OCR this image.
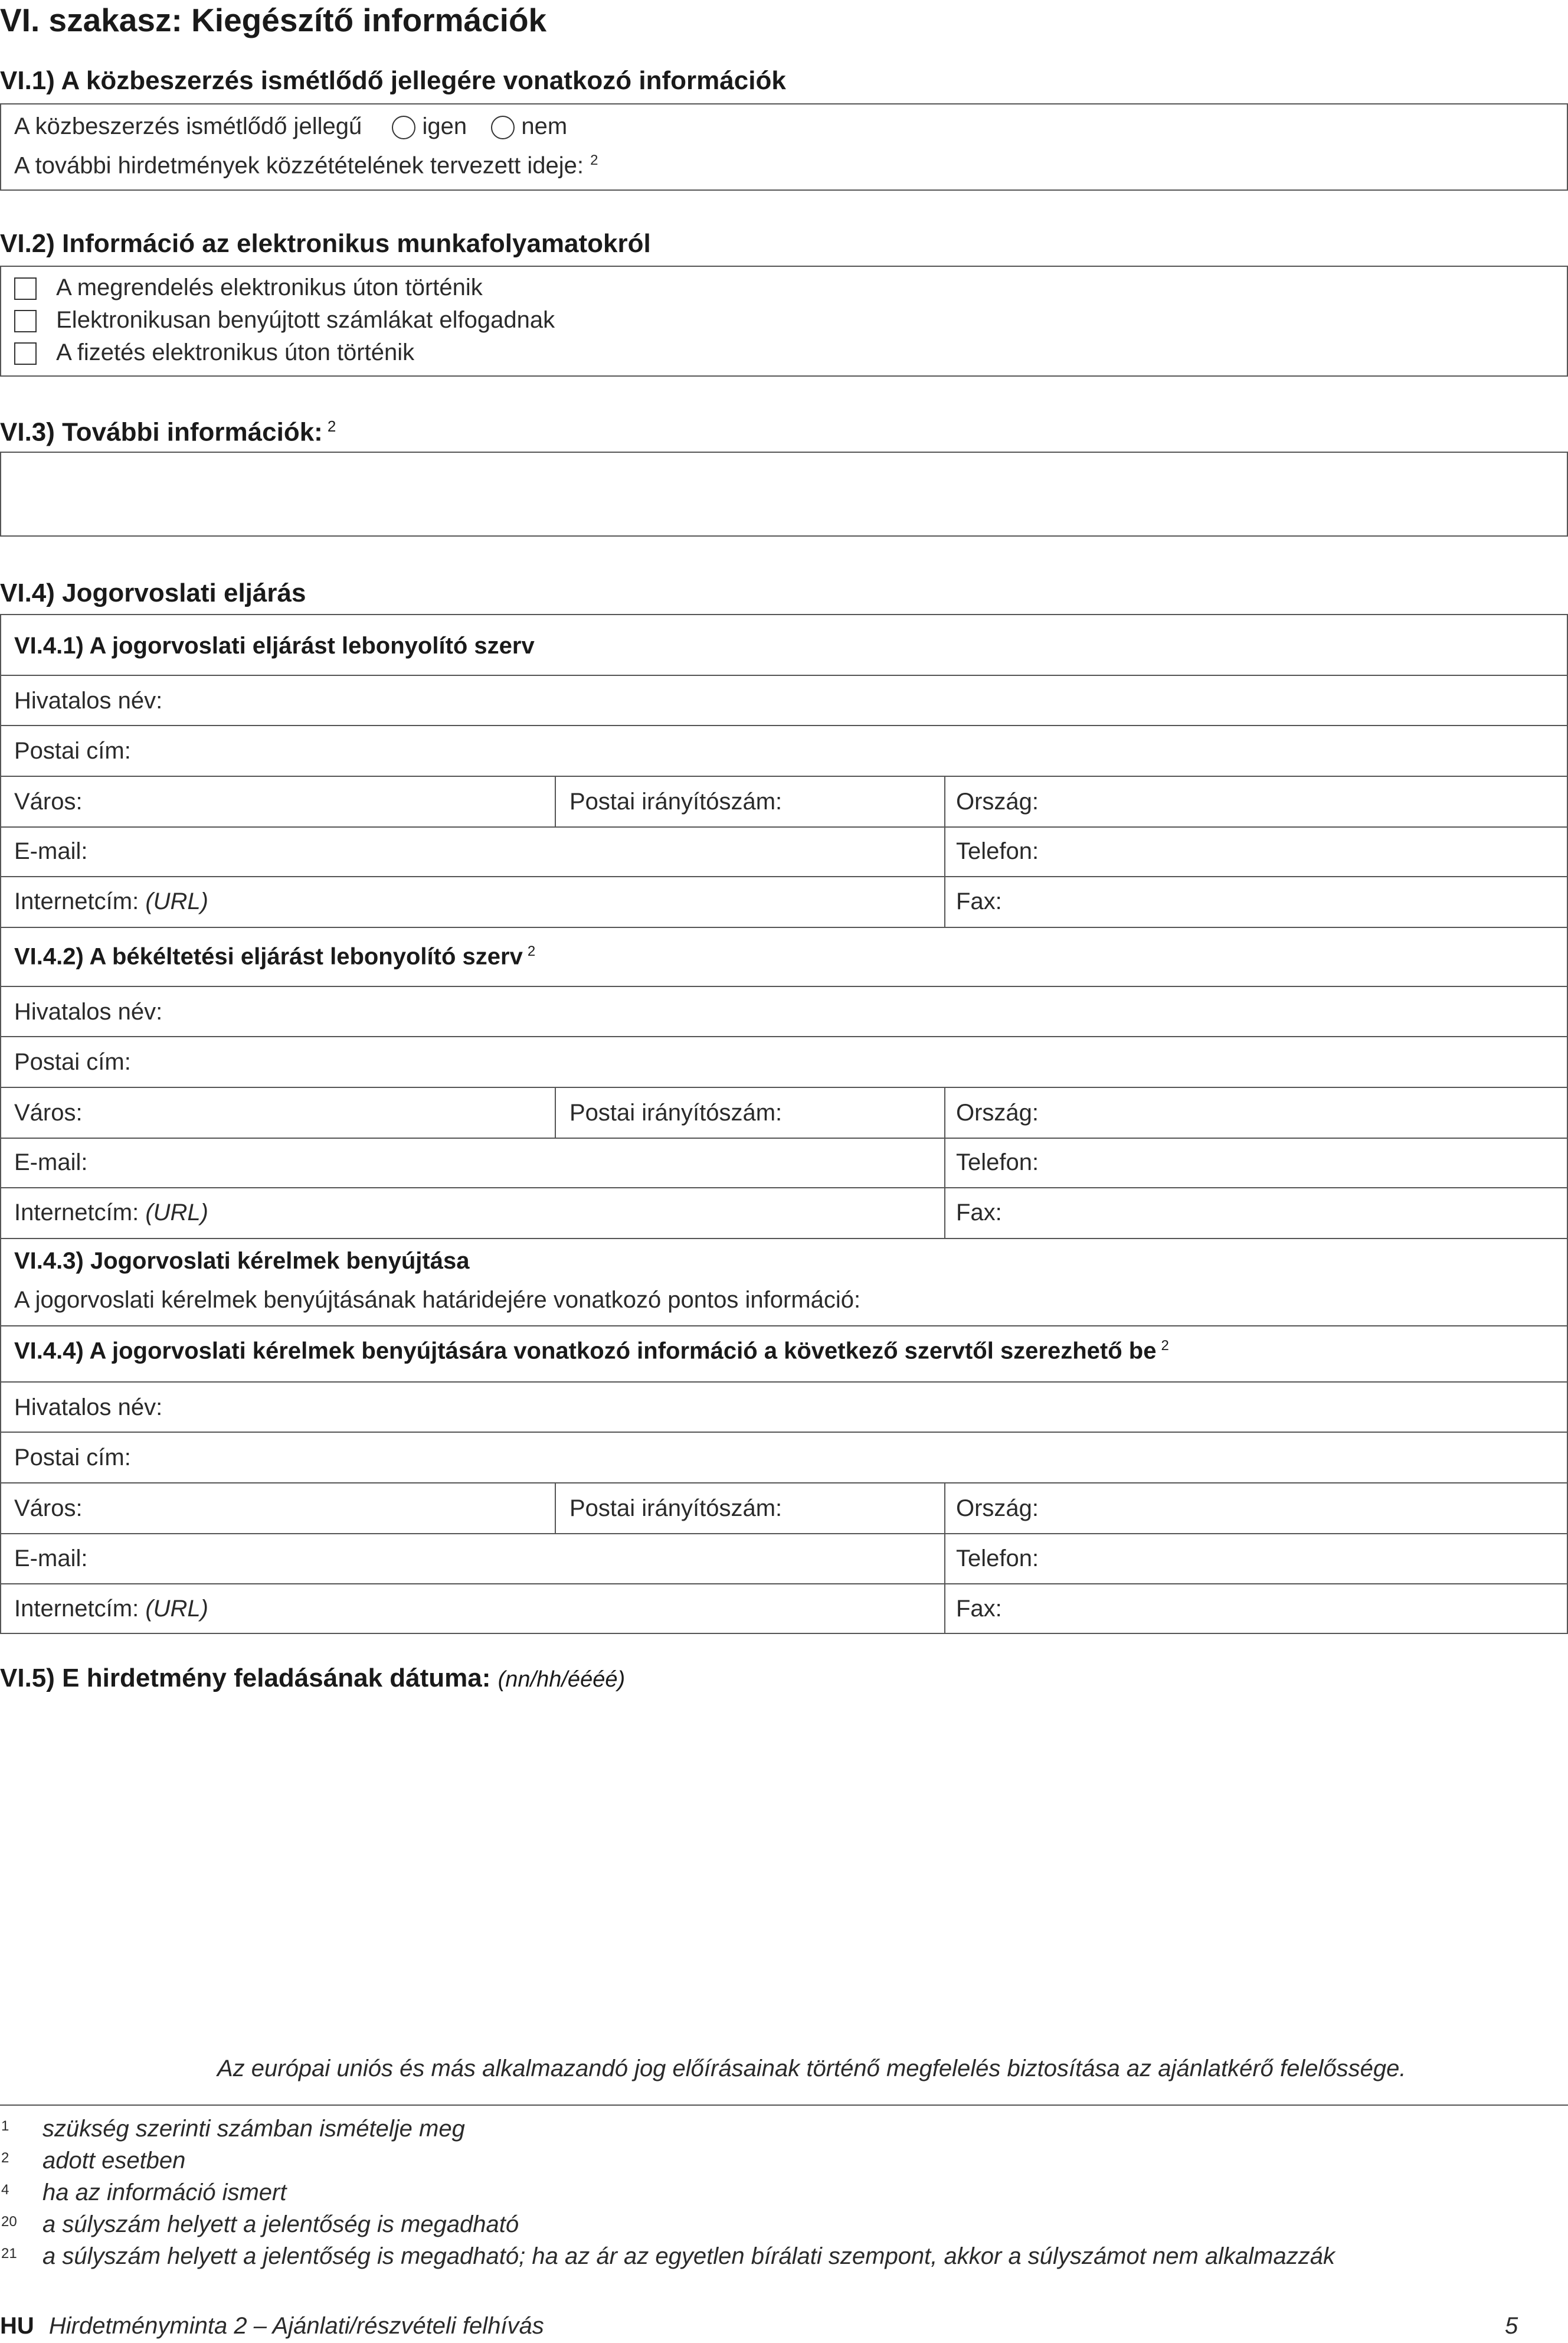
VI. szakasz: Kiegészítő információk
VI.1) A közbeszerzés ismétlődő jellegére vonatkozó információk
A közbeszerzés ismétlődő jellegű	igen nem
A további hirdetmények közzétételének tervezett ideje: $^2$
VI.2) Információ az elektronikus munkafolyamatokról
A megrendelés elektronikus úton történik
Elektronikusan benyújtott számlákat elfogadnak
A fizetés elektronikus úton történik
VI.3) További információk: $^2$
VI.4) Jogorvoslati eljárás
VI.4.1) A jogorvoslati eljárást lebonyolító szerv
Hivatalos név:
Postai cím:
Város:	Postai irányítószám:	Ország:
E-mail:	Telefon:
Internetcím: (URL)	Fax:
VI.4.2) A békéltetési eljárást lebonyolító szerv $^2$
Hivatalos név:
Postai cím:
Város:	Postai irányítószám:	Ország:
E-mail:	Telefon:
Internetcím: (URL)	Fax:
VI.4.3) Jogorvoslati kérelmek benyújtása
A jogorvoslati kérelmek benyújtásának határidejére vonatkozó pontos információ:
VI.4.4) A jogorvoslati kérelmek benyújtására vonatkozó információ a következő szervtől szerezhető be $^2$
Hivatalos név:
Postai cím:
Város:	Postai irányítószám:	Ország:
E-mail:	Telefon:
Internetcím: (URL)	Fax:
VI.5) E hirdetmény feladásának dátuma: (nn/hh/éééé)
Az európai uniós és más alkalmazandó jog előírásainak történő megfelelés biztosítása az ajánlatkérő felelőssége.
1 szükség szerinti számban ismételje meg
2 adott esetben
4 ha az információ ismert
20 a súlyszám helyett a jelentőség is megadható
21 a súlyszám helyett a jelentőség is megadható; ha az ár az egyetlen bírálati szempont, akkor a súlyszámot nem alkalmazzák
HU Hirdetményminta 2 – Ajánlati/részvételi felhívás	5
